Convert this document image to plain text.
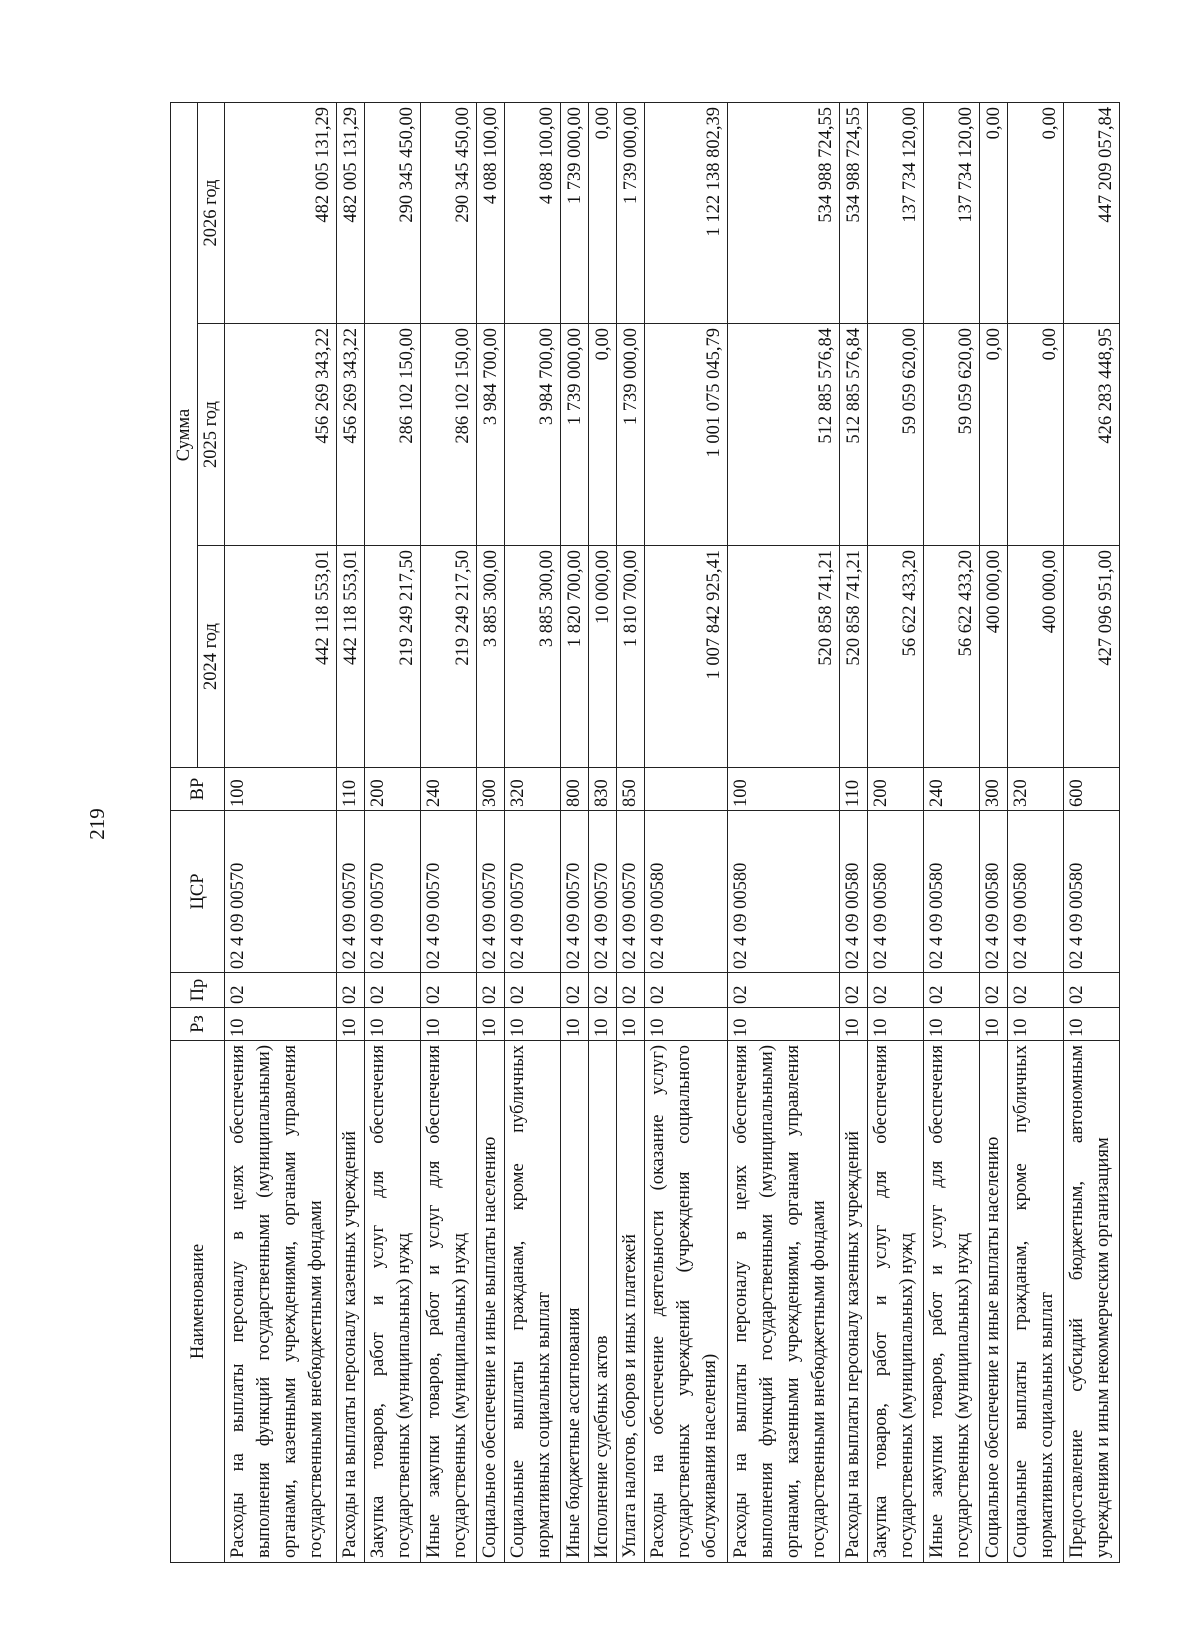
219
Наименование	Рз	Пр	ЦСР	ВР	Сумма		
					2024 год	2025 год	2026 год
Расходы на выплаты персоналу в целях обеспечения выполнения функций государственными (муниципальными) органами, казенными учреждениями, органами управления государственными внебюджетными фондами	10	02	02 4 09 00570	100	442 118 553,01	456 269 343,22	482 005 131,29
Расходы на выплаты персоналу казенных учреждений	10	02	02 4 09 00570	110	442 118 553,01	456 269 343,22	482 005 131,29
Закупка товаров, работ и услуг для обеспечения государственных (муниципальных) нужд	10	02	02 4 09 00570	200	219 249 217,50	286 102 150,00	290 345 450,00
Иные закупки товаров, работ и услуг для обеспечения государственных (муниципальных) нужд	10	02	02 4 09 00570	240	219 249 217,50	286 102 150,00	290 345 450,00
Социальное обеспечение и иные выплаты населению	10	02	02 4 09 00570	300	3 885 300,00	3 984 700,00	4 088 100,00
Социальные выплаты гражданам, кроме публичных нормативных социальных выплат	10	02	02 4 09 00570	320	3 885 300,00	3 984 700,00	4 088 100,00
Иные бюджетные ассигнования	10	02	02 4 09 00570	800	1 820 700,00	1 739 000,00	1 739 000,00
Исполнение судебных актов	10	02	02 4 09 00570	830	10 000,00	0,00	0,00
Уплата налогов, сборов и иных платежей	10	02	02 4 09 00570	850	1 810 700,00	1 739 000,00	1 739 000,00
Расходы на обеспечение деятельности (оказание услуг) государственных учреждений (учреждения социального обслуживания населения)	10	02	02 4 09 00580		1 007 842 925,41	1 001 075 045,79	1 122 138 802,39
Расходы на выплаты персоналу в целях обеспечения выполнения функций государственными (муниципальными) органами, казенными учреждениями, органами управления государственными внебюджетными фондами	10	02	02 4 09 00580	100	520 858 741,21	512 885 576,84	534 988 724,55
Расходы на выплаты персоналу казенных учреждений	10	02	02 4 09 00580	110	520 858 741,21	512 885 576,84	534 988 724,55
Закупка товаров, работ и услуг для обеспечения государственных (муниципальных) нужд	10	02	02 4 09 00580	200	56 622 433,20	59 059 620,00	137 734 120,00
Иные закупки товаров, работ и услуг для обеспечения государственных (муниципальных) нужд	10	02	02 4 09 00580	240	56 622 433,20	59 059 620,00	137 734 120,00
Социальное обеспечение и иные выплаты населению	10	02	02 4 09 00580	300	400 000,00	0,00	0,00
Социальные выплаты гражданам, кроме публичных нормативных социальных выплат	10	02	02 4 09 00580	320	400 000,00	0,00	0,00
Предоставление субсидий бюджетным, автономным учреждениям и иным некоммерческим организациям	10	02	02 4 09 00580	600	427 096 951,00	426 283 448,95	447 209 057,84
